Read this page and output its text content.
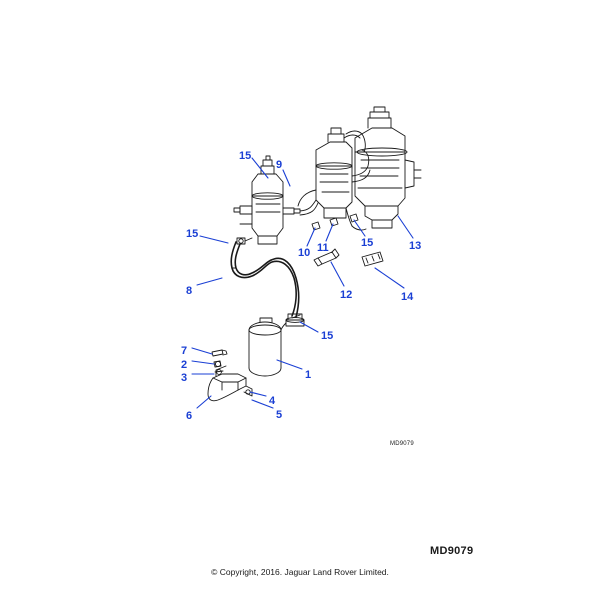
15
9
15
10 11	15	13
12	14
8
15
7
2
3	1
4
5
6
MD9079
MD9079
© Copyright, 2016. Jaguar Land Rover Limited.
